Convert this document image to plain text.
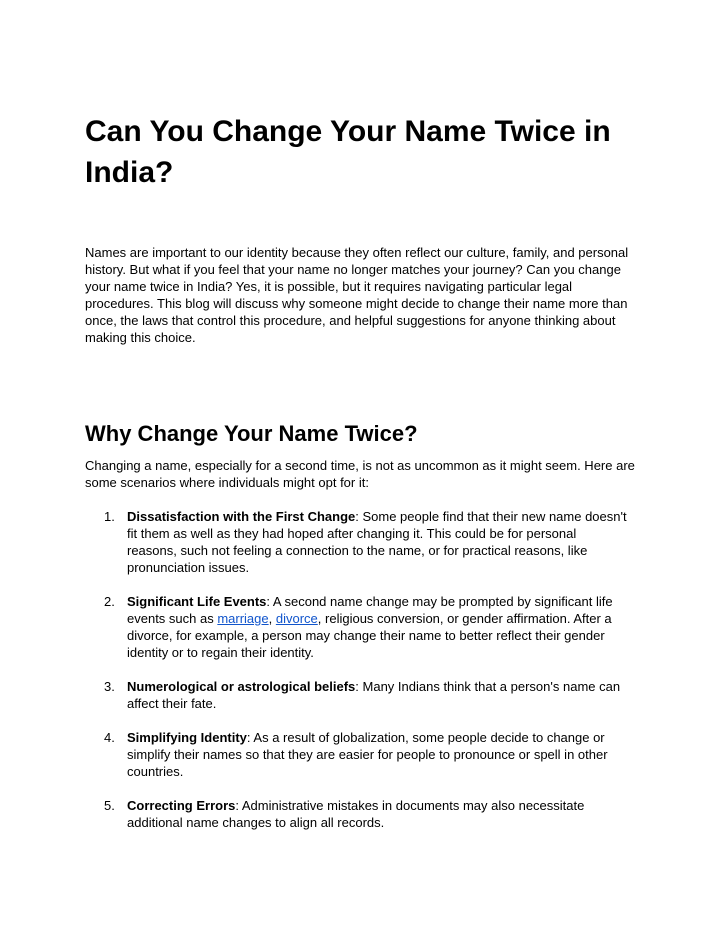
Can You Change Your Name Twice in India?

Names are important to our identity because they often reflect our culture, family, and personal history. But what if you feel that your name no longer matches your journey? Can you change your name twice in India? Yes, it is possible, but it requires navigating particular legal procedures. This blog will discuss why someone might decide to change their name more than once, the laws that control this procedure, and helpful suggestions for anyone thinking about making this choice.

Why Change Your Name Twice?

Changing a name, especially for a second time, is not as uncommon as it might seem. Here are some scenarios where individuals might opt for it:

1. Dissatisfaction with the First Change: Some people find that their new name doesn't fit them as well as they had hoped after changing it. This could be for personal reasons, such not feeling a connection to the name, or for practical reasons, like pronunciation issues.
2. Significant Life Events: A second name change may be prompted by significant life events such as marriage, divorce, religious conversion, or gender affirmation. After a divorce, for example, a person may change their name to better reflect their gender identity or to regain their identity.
3. Numerological or astrological beliefs: Many Indians think that a person's name can affect their fate.
4. Simplifying Identity: As a result of globalization, some people decide to change or simplify their names so that they are easier for people to pronounce or spell in other countries.
5. Correcting Errors: Administrative mistakes in documents may also necessitate additional name changes to align all records.
